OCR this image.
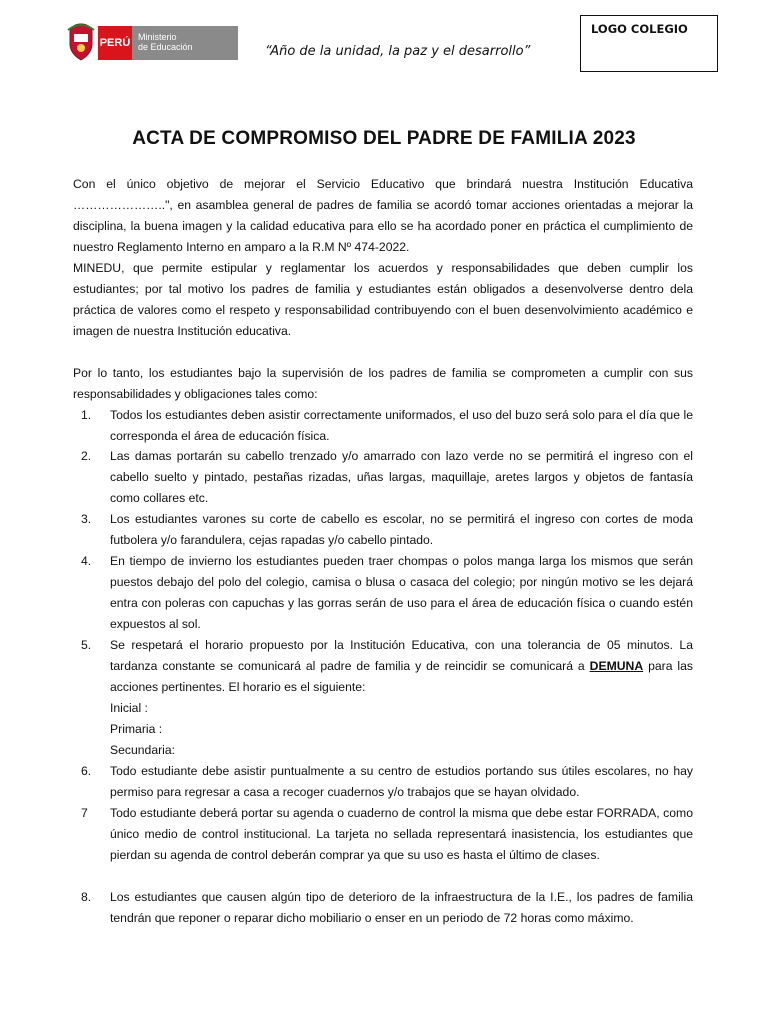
PERÚ Ministerio
de Educación	“Año de la unidad, la paz y el desarrollo”
LOGO COLEGIO
ACTA DE COMPROMISO DEL PADRE DE FAMILIA 2023
Con el único objetivo de mejorar el Servicio Educativo que brindará nuestra Institución Educativa …………………..", en asamblea general de padres de familia se acordó tomar acciones orientadas a mejorar la disciplina, la buena imagen y la calidad educativa para ello se ha acordado poner en práctica el cumplimiento de nuestro Reglamento Interno en amparo a la R.M Nº 474-2022.
MINEDU, que permite estipular y reglamentar los acuerdos y responsabilidades que deben cumplir los estudiantes; por tal motivo los padres de familia y estudiantes están obligados a desenvolverse dentro dela práctica de valores como el respeto y responsabilidad contribuyendo con el buen desenvolvimiento académico e imagen de nuestra Institución educativa.

Por lo tanto, los estudiantes bajo la supervisión de los padres de familia se comprometen a cumplir con sus responsabilidades y obligaciones tales como:

1.	Todos los estudiantes deben asistir correctamente uniformados, el uso del buzo será solo para el día que le corresponda el área de educación física.
2.	Las damas portarán su cabello trenzado y/o amarrado con lazo verde no se permitirá el ingreso con el cabello suelto y pintado, pestañas rizadas, uñas largas, maquillaje, aretes largos y objetos de fantasía como collares etc.
3.	Los estudiantes varones su corte de cabello es escolar, no se permitirá el ingreso con cortes de moda futbolera y/o farandulera, cejas rapadas y/o cabello pintado.
4.	En tiempo de invierno los estudiantes pueden traer chompas o polos manga larga los mismos que serán puestos debajo del polo del colegio, camisa o blusa o casaca del colegio; por ningún motivo se les dejará entra con poleras con capuchas y las gorras serán de uso para el área de educación física o cuando estén expuestos al sol.
5.	Se respetará el horario propuesto por la Institución Educativa, con una tolerancia de 05 minutos. La tardanza constante se comunicará al padre de familia y de reincidir se comunicará a DEMUNA para las acciones pertinentes. El horario es el siguiente:
Inicial :
Primaria :
Secundaria:
6.	Todo estudiante debe asistir puntualmente a su centro de estudios portando sus útiles escolares, no hay permiso para regresar a casa a recoger cuadernos y/o trabajos que se hayan olvidado.
7	Todo estudiante deberá portar su agenda o cuaderno de control la misma que debe estar FORRADA, como único medio de control institucional. La tarjeta no sellada representará inasistencia, los estudiantes que pierdan su agenda de control deberán comprar ya que su uso es hasta el último de clases.
8.	Los estudiantes que causen algún tipo de deterioro de la infraestructura de la I.E., los padres de familia tendrán que reponer o reparar dicho mobiliario o enser en un periodo de 72 horas como máximo.
